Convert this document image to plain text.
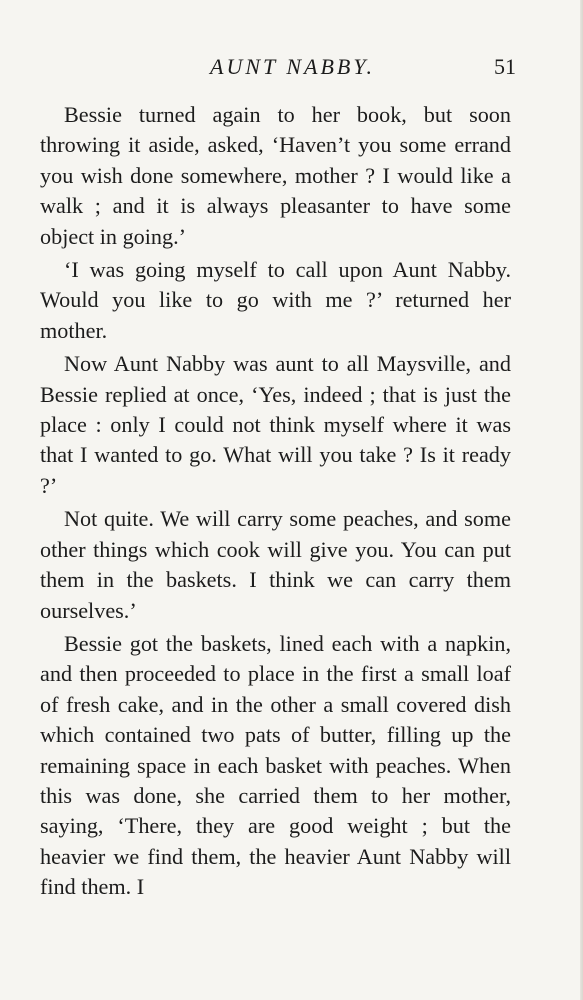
AUNT NABBY.	51

Bessie turned again to her book, but soon throwing it aside, asked, ‘Haven’t you some errand you wish done somewhere, mother ? I would like a walk ; and it is always pleasanter to have some object in going.’

‘I was going myself to call upon Aunt Nabby. Would you like to go with me ?’ returned her mother.

Now Aunt Nabby was aunt to all Maysville, and Bessie replied at once, ‘Yes, indeed ; that is just the place : only I could not think myself where it was that I wanted to go. What will you take ? Is it ready ?’

Not quite. We will carry some peaches, and some other things which cook will give you. You can put them in the baskets. I think we can carry them ourselves.’

Bessie got the baskets, lined each with a napkin, and then proceeded to place in the first a small loaf of fresh cake, and in the other a small covered dish which contained two pats of butter, filling up the remaining space in each basket with peaches. When this was done, she carried them to her mother, saying, ‘There, they are good weight ; but the heavier we find them, the heavier Aunt Nabby will find them. I
